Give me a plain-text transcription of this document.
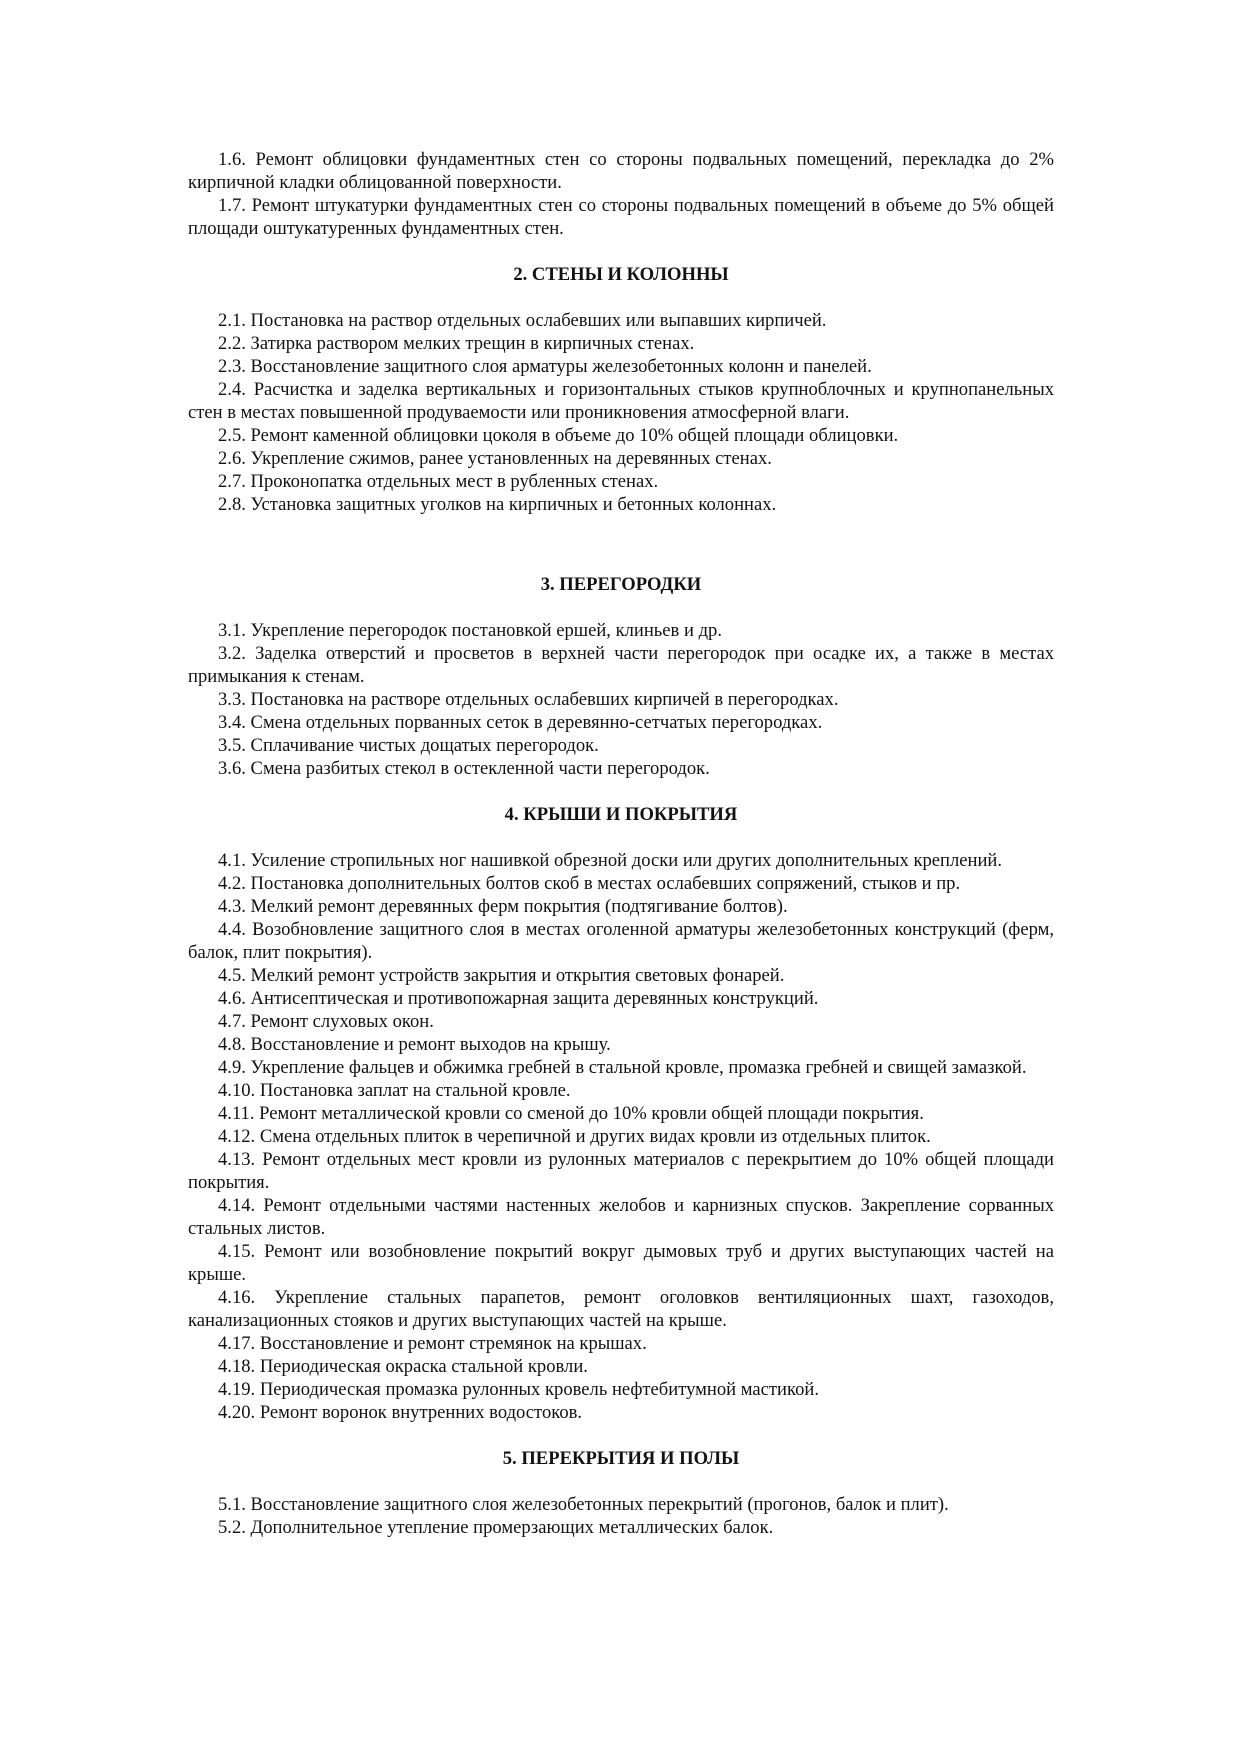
1.6. Ремонт облицовки фундаментных стен со стороны подвальных помещений, перекладка до 2% кирпичной кладки облицованной поверхности.

1.7. Ремонт штукатурки фундаментных стен со стороны подвальных помещений в объеме до 5% общей площади оштукатуренных фундаментных стен.

2. СТЕНЫ И КОЛОННЫ

2.1. Постановка на раствор отдельных ослабевших или выпавших кирпичей.

2.2. Затирка раствором мелких трещин в кирпичных стенах.

2.3. Восстановление защитного слоя арматуры железобетонных колонн и панелей.

2.4. Расчистка и заделка вертикальных и горизонтальных стыков крупноблочных и крупнопанельных стен в местах повышенной продуваемости или проникновения атмосферной влаги.

2.5. Ремонт каменной облицовки цоколя в объеме до 10% общей площади облицовки.

2.6. Укрепление сжимов, ранее установленных на деревянных стенах.

2.7. Проконопатка отдельных мест в рубленных стенах.

2.8. Установка защитных уголков на кирпичных и бетонных колоннах.

3. ПЕРЕГОРОДКИ

3.1. Укрепление перегородок постановкой ершей, клиньев и др.

3.2. Заделка отверстий и просветов в верхней части перегородок при осадке их, а также в местах примыкания к стенам.

3.3. Постановка на растворе отдельных ослабевших кирпичей в перегородках.

3.4. Смена отдельных порванных сеток в деревянно-сетчатых перегородках.

3.5. Сплачивание чистых дощатых перегородок.

3.6. Смена разбитых стекол в остекленной части перегородок.

4. КРЫШИ И ПОКРЫТИЯ

4.1. Усиление стропильных ног нашивкой обрезной доски или других дополнительных креплений.

4.2. Постановка дополнительных болтов скоб в местах ослабевших сопряжений, стыков и пр.

4.3. Мелкий ремонт деревянных ферм покрытия (подтягивание болтов).

4.4. Возобновление защитного слоя в местах оголенной арматуры железобетонных конструкций (ферм, балок, плит покрытия).

4.5. Мелкий ремонт устройств закрытия и открытия световых фонарей.

4.6. Антисептическая и противопожарная защита деревянных конструкций.

4.7. Ремонт слуховых окон.

4.8. Восстановление и ремонт выходов на крышу.

4.9. Укрепление фальцев и обжимка гребней в стальной кровле, промазка гребней и свищей замазкой.

4.10. Постановка заплат на стальной кровле.

4.11. Ремонт металлической кровли со сменой до 10% кровли общей площади покрытия.

4.12. Смена отдельных плиток в черепичной и других видах кровли из отдельных плиток.

4.13. Ремонт отдельных мест кровли из рулонных материалов с перекрытием до 10% общей площади покрытия.

4.14. Ремонт отдельными частями настенных желобов и карнизных спусков. Закрепление сорванных стальных листов.

4.15. Ремонт или возобновление покрытий вокруг дымовых труб и других выступающих частей на крыше.

4.16. Укрепление стальных парапетов, ремонт оголовков вентиляционных шахт, газоходов, канализационных стояков и других выступающих частей на крыше.

4.17. Восстановление и ремонт стремянок на крышах.

4.18. Периодическая окраска стальной кровли.

4.19. Периодическая промазка рулонных кровель нефтебитумной мастикой.

4.20. Ремонт воронок внутренних водостоков.

5. ПЕРЕКРЫТИЯ И ПОЛЫ

5.1. Восстановление защитного слоя железобетонных перекрытий (прогонов, балок и плит).

5.2. Дополнительное утепление промерзающих металлических балок.
